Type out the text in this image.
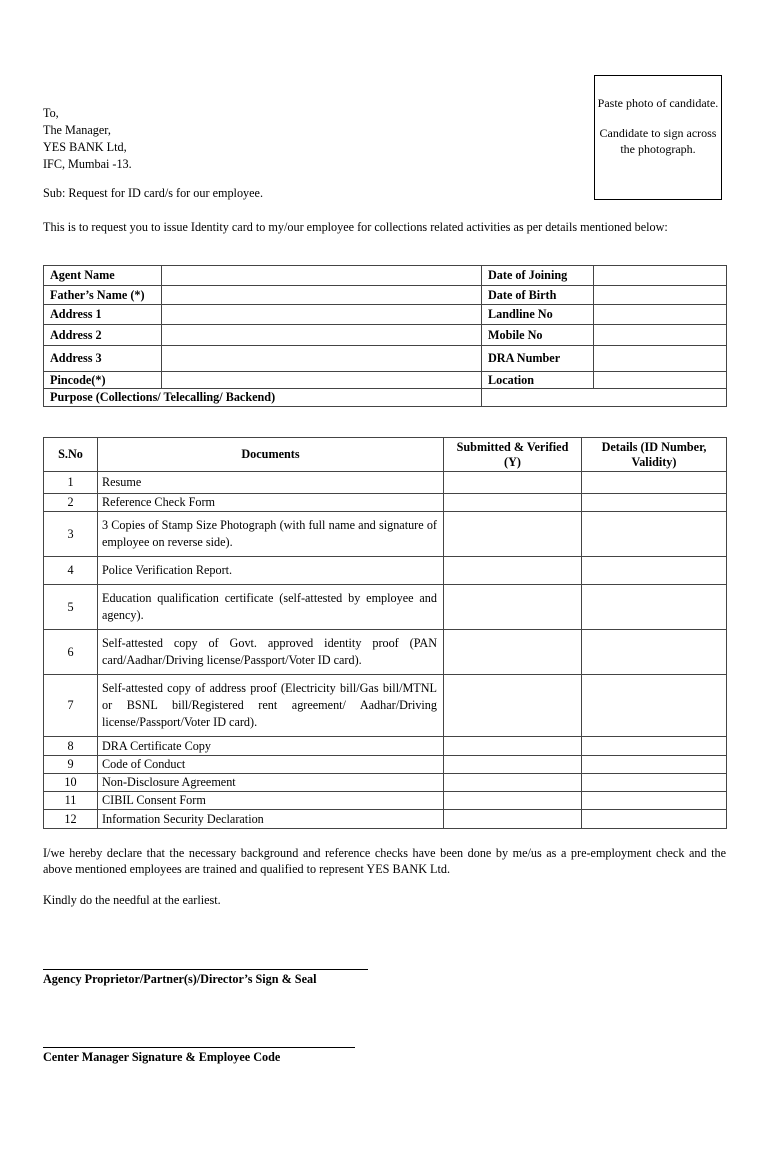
Paste photo of candidate.
Candidate to sign across the photograph.
To,
The Manager,
YES BANK Ltd,
IFC, Mumbai -13.
Sub: Request for ID card/s for our employee.
This is to request you to issue Identity card to my/our employee for collections related activities as per details mentioned below:
Agent Name		Date of Joining	
Father’s Name (*)		Date of Birth	
Address 1		Landline No	
Address 2		Mobile No	
Address 3		DRA Number	
Pincode(*)		Location	
Purpose (Collections/ Telecalling/ Backend)			
S.No	Documents	Submitted & Verified (Y)	Details (ID Number, Validity)
1	Resume		
2	Reference Check Form		
3	3 Copies of Stamp Size Photograph (with full name and signature of employee on reverse side).		
4	Police Verification Report.		
5	Education qualification certificate (self-attested by employee and agency).		
6	Self-attested copy of Govt. approved identity proof (PAN card/Aadhar/Driving license/Passport/Voter ID card).		
7	Self-attested copy of address proof (Electricity bill/Gas bill/MTNL or BSNL bill/Registered rent agreement/ Aadhar/Driving license/Passport/Voter ID card).		
8	DRA Certificate Copy		
9	Code of Conduct		
10	Non-Disclosure Agreement		
11	CIBIL Consent Form		
12	Information Security Declaration		
I/we hereby declare that the necessary background and reference checks have been done by me/us as a pre-employment check and the above mentioned employees are trained and qualified to represent YES BANK Ltd.
Kindly do the needful at the earliest.
Agency Proprietor/Partner(s)/Director’s Sign & Seal
Center Manager Signature & Employee Code
